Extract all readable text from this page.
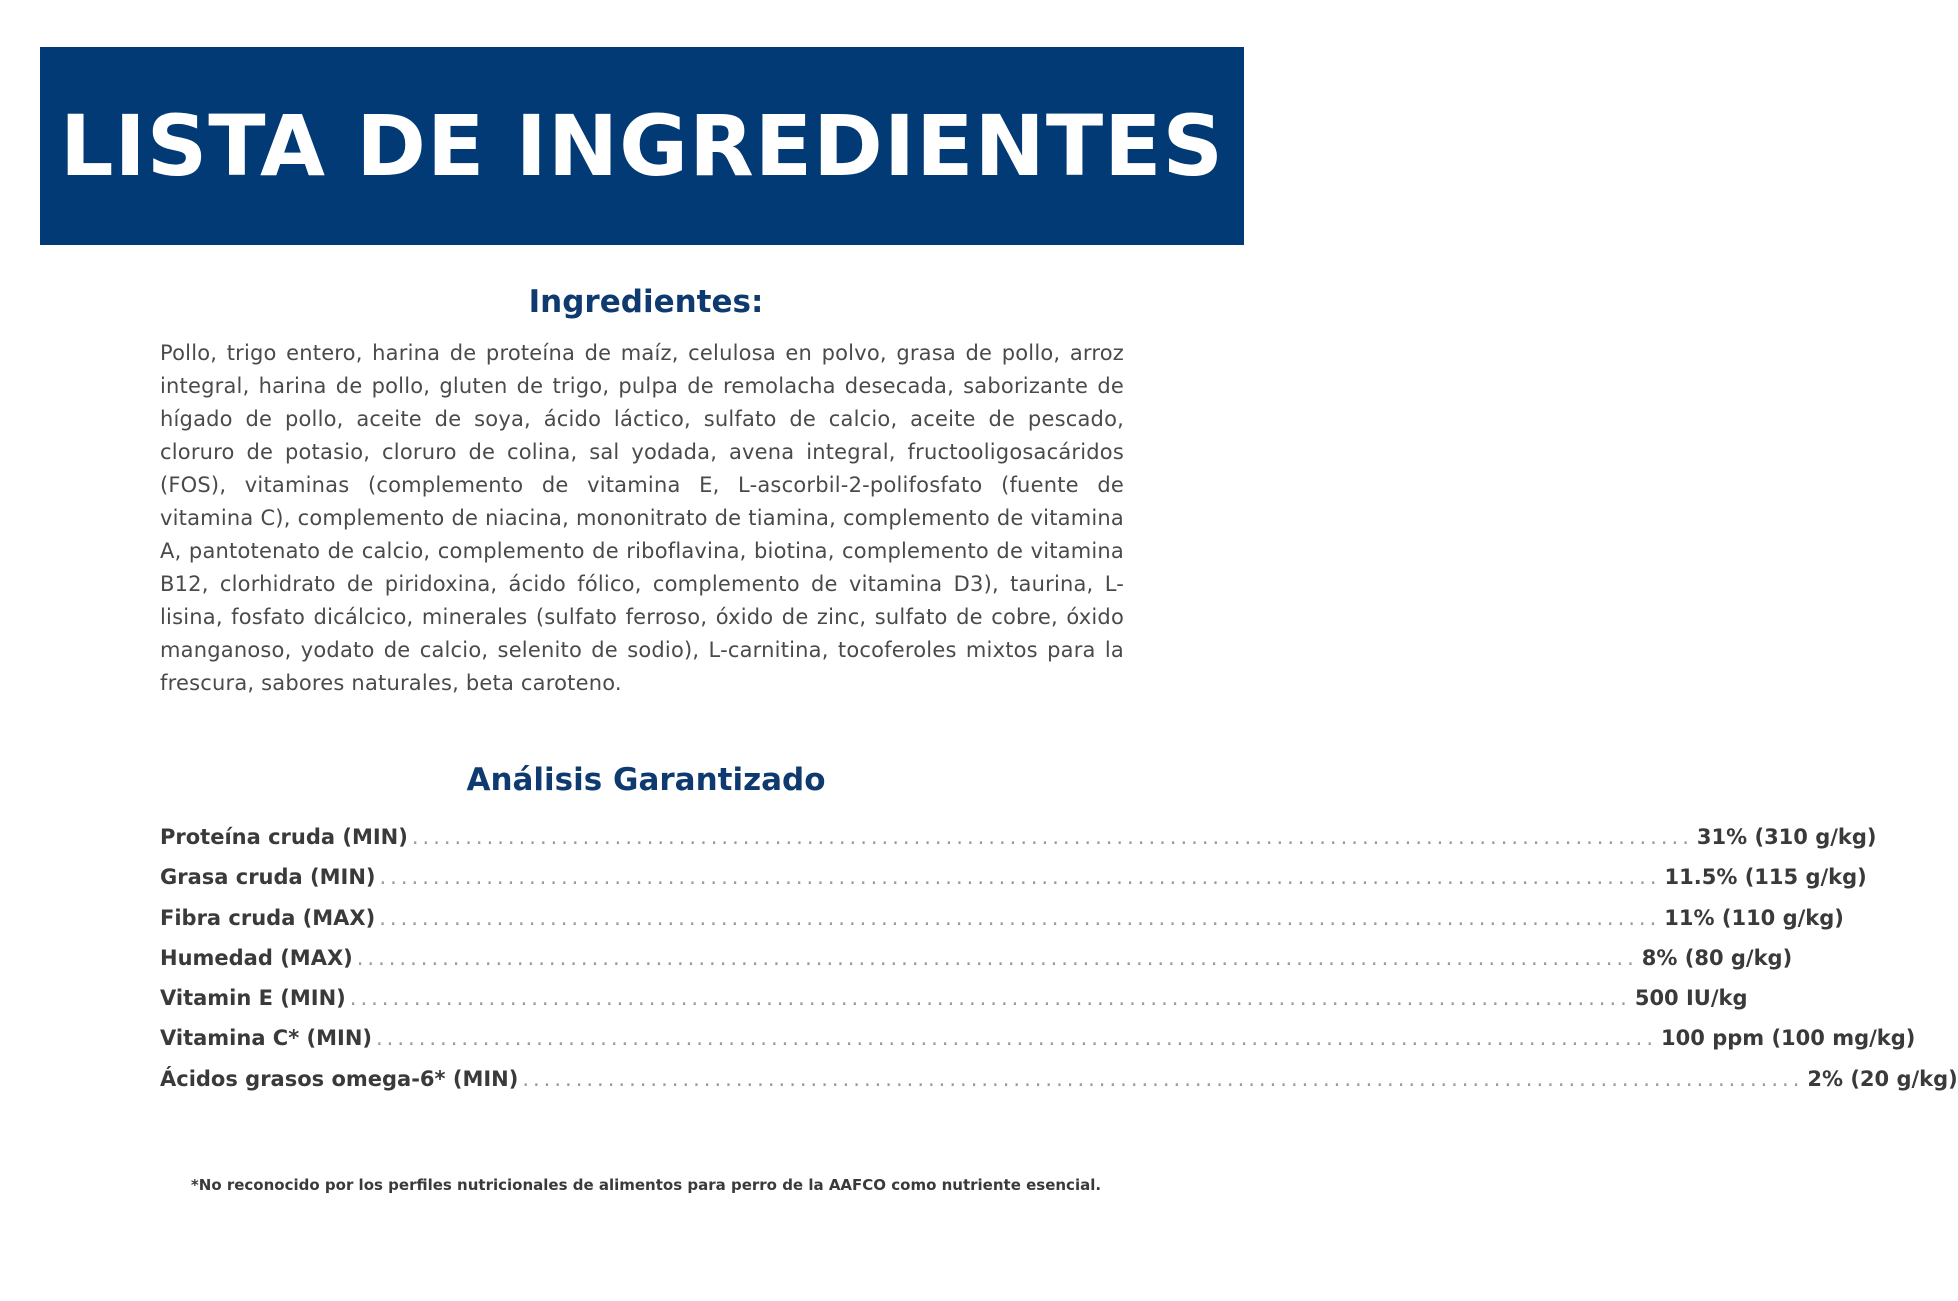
LISTA DE INGREDIENTES
Ingredientes:

Pollo, trigo entero, harina de proteína de maíz, celulosa en polvo, grasa de pollo, arroz integral, harina de pollo, gluten de trigo, pulpa de remolacha desecada, saborizante de hígado de pollo, aceite de soya, ácido láctico, sulfato de calcio, aceite de pescado, cloruro de potasio, cloruro de colina, sal yodada, avena integral, fructooligosacáridos (FOS), vitaminas (complemento de vitamina E, L-ascorbil-2-polifosfato (fuente de vitamina C), complemento de niacina, mononitrato de tiamina, complemento de vitamina A, pantotenato de calcio, complemento de riboflavina, biotina, complemento de vitamina B12, clorhidrato de piridoxina, ácido fólico, complemento de vitamina D3), taurina, L-lisina, fosfato dicálcico, minerales (sulfato ferroso, óxido de zinc, sulfato de cobre, óxido manganoso, yodato de calcio, selenito de sodio), L-carnitina, tocoferoles mixtos para la frescura, sabores naturales, beta caroteno.

Análisis Garantizado
Proteína cruda (MIN) ........................................................................................................................ 31% (310 g/kg)
Grasa cruda (MIN) ........................................................................................................................ 11.5% (115 g/kg)
Fibra cruda (MAX) ........................................................................................................................ 11% (110 g/kg)
Humedad (MAX) ........................................................................................................................ 8% (80 g/kg)
Vitamin E (MIN) ........................................................................................................................ 500 IU/kg
Vitamina C* (MIN) ........................................................................................................................ 100 ppm (100 mg/kg)
Ácidos grasos omega-6* (MIN) ........................................................................................................................ 2% (20 g/kg)

*No reconocido por los perfiles nutricionales de alimentos para perro de la AAFCO como nutriente esencial.
